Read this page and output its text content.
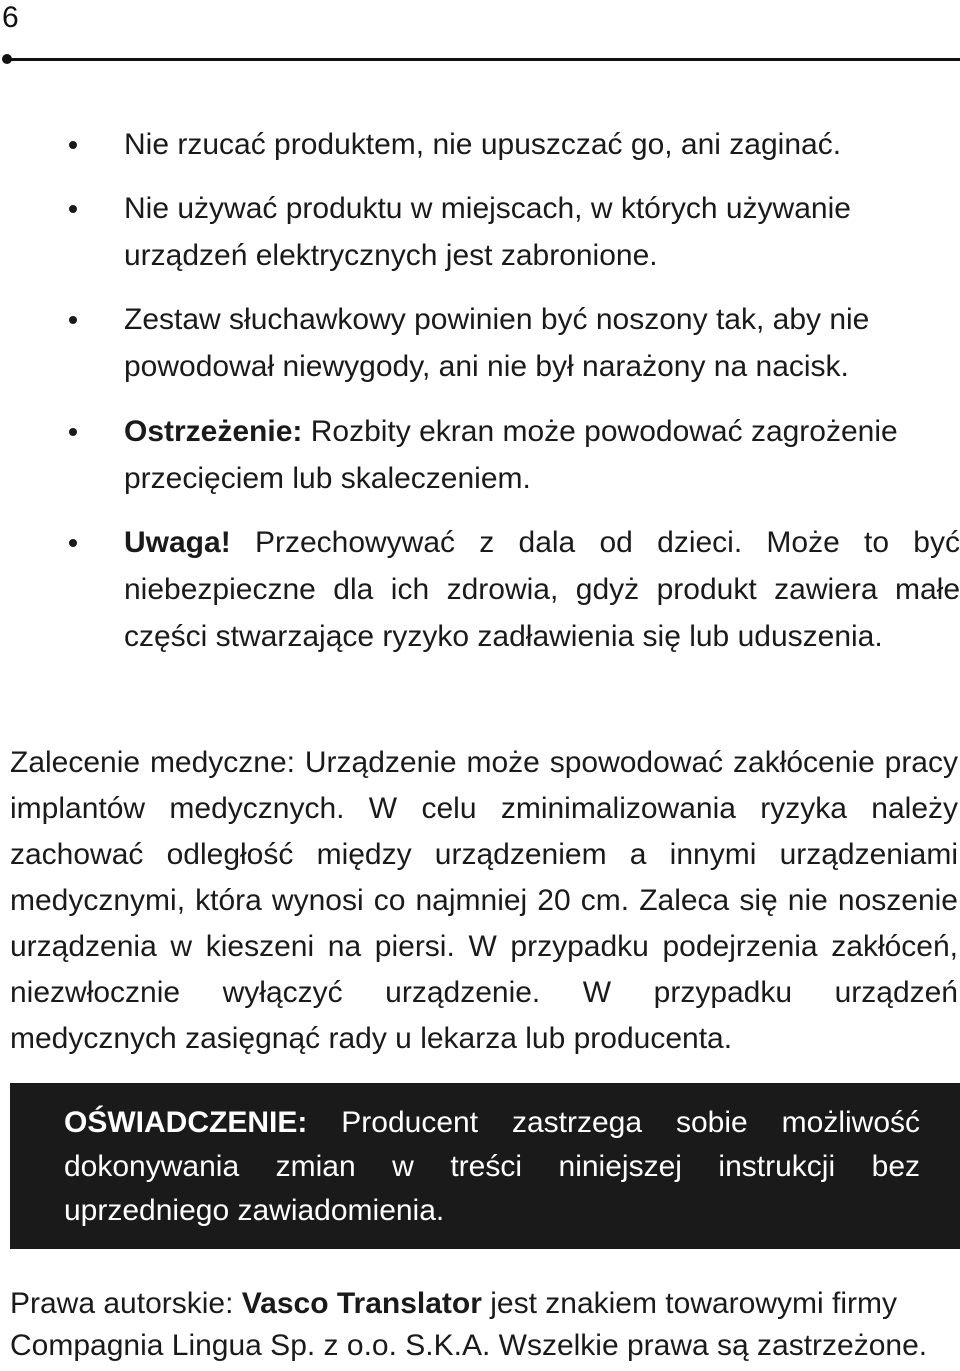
6
Nie rzucać produktem, nie upuszczać go, ani zaginać.
Nie używać produktu w miejscach, w których używanie urządzeń elektrycznych jest zabronione.
Zestaw słuchawkowy powinien być noszony tak, aby nie powodował niewygody, ani nie był narażony na nacisk.
Ostrzeżenie: Rozbity ekran może powodować zagrożenie przecięciem lub skaleczeniem.
Uwaga! Przechowywać z dala od dzieci. Może to być niebezpieczne dla ich zdrowia, gdyż produkt zawiera małe części stwarzające ryzyko zadławienia się lub uduszenia.
Zalecenie medyczne: Urządzenie może spowodować zakłócenie pracy implantów medycznych. W celu zminimalizowania ryzyka należy zachować odległość między urządzeniem a innymi urządzeniami medycznymi, która wynosi co najmniej 20 cm. Zaleca się nie noszenie urządzenia w kieszeni na piersi. W przypadku podejrzenia zakłóceń, niezwłocznie wyłączyć urządzenie. W przypadku urządzeń medycznych zasięgnąć rady u lekarza lub producenta.
OŚWIADCZENIE: Producent zastrzega sobie możliwość dokonywania zmian w treści niniejszej instrukcji bez uprzedniego zawiadomienia.
Prawa autorskie: Vasco Translator jest znakiem towarowymi firmy Compagnia Lingua Sp. z o.o. S.K.A. Wszelkie prawa są zastrzeżone.
